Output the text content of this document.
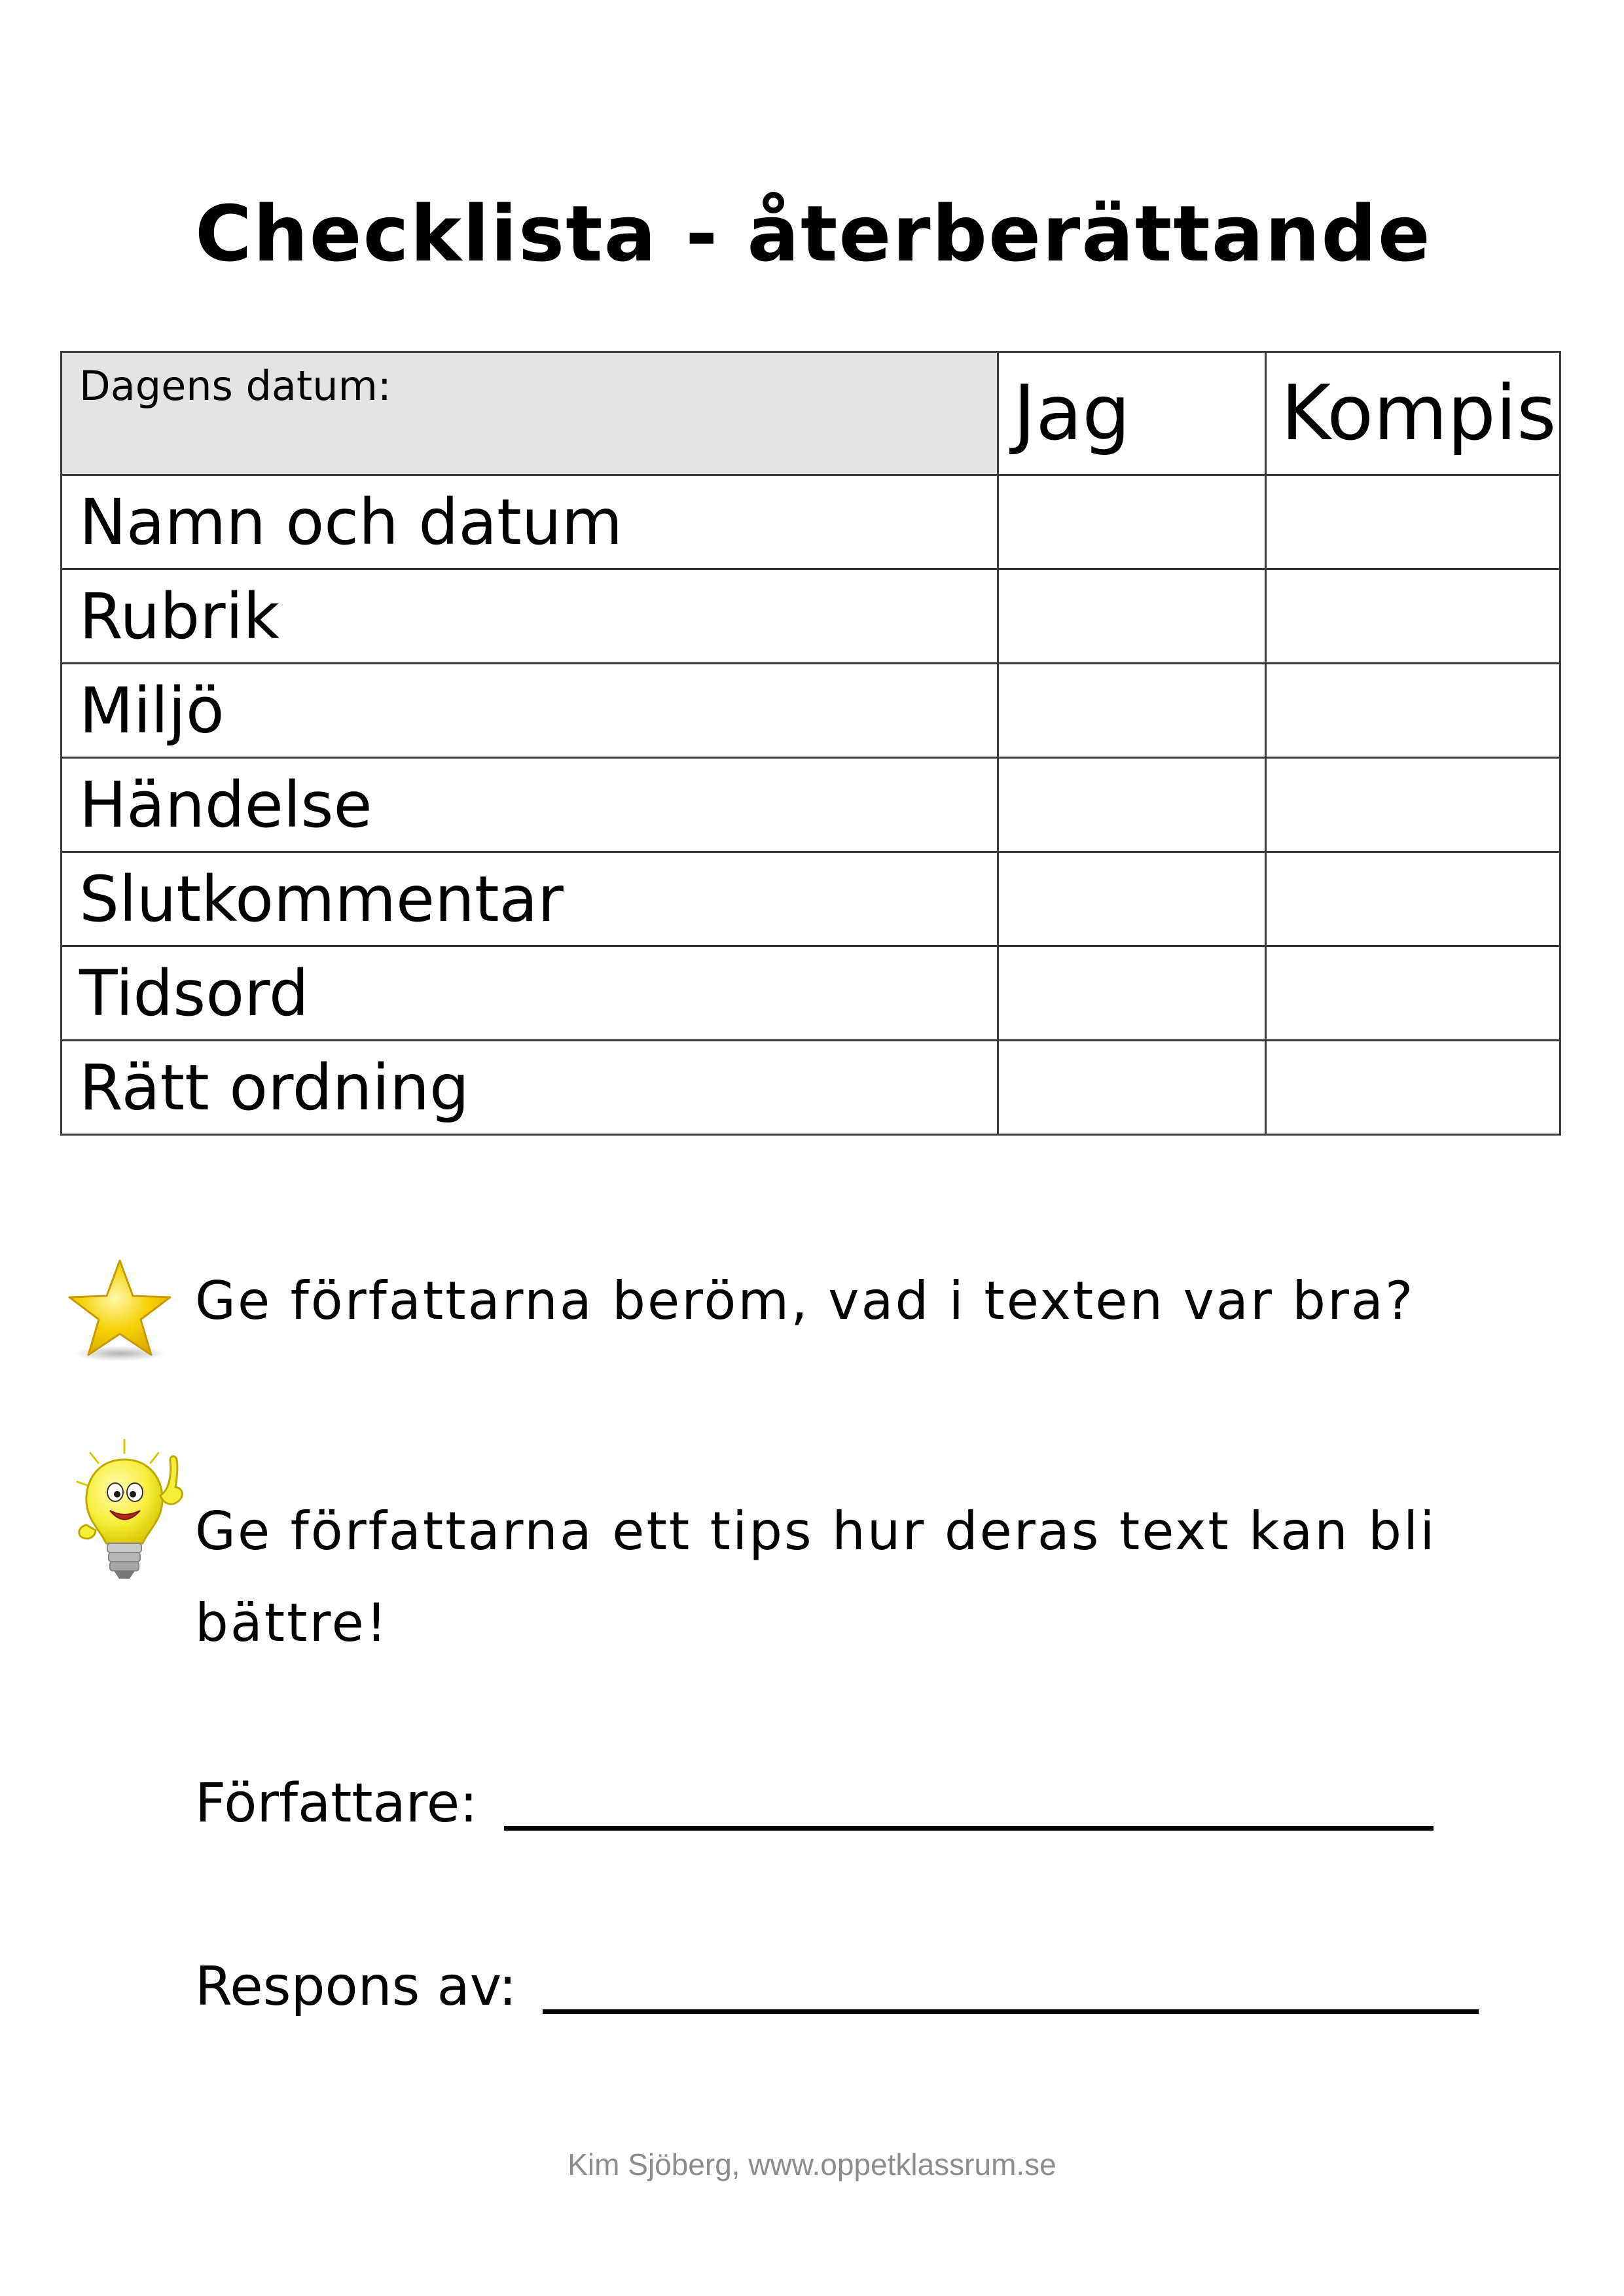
Checklista - återberättande
Dagens datum:	Jag	Kompis
Namn och datum		
Rubrik		
Miljö		
Händelse		
Slutkommentar		
Tidsord		
Rätt ordning		
Ge författarna beröm, vad i texten var bra?
Ge författarna ett tips hur deras text kan bli
bättre!
Författare:
Respons av:
Kim Sjöberg, www.oppetklassrum.se
